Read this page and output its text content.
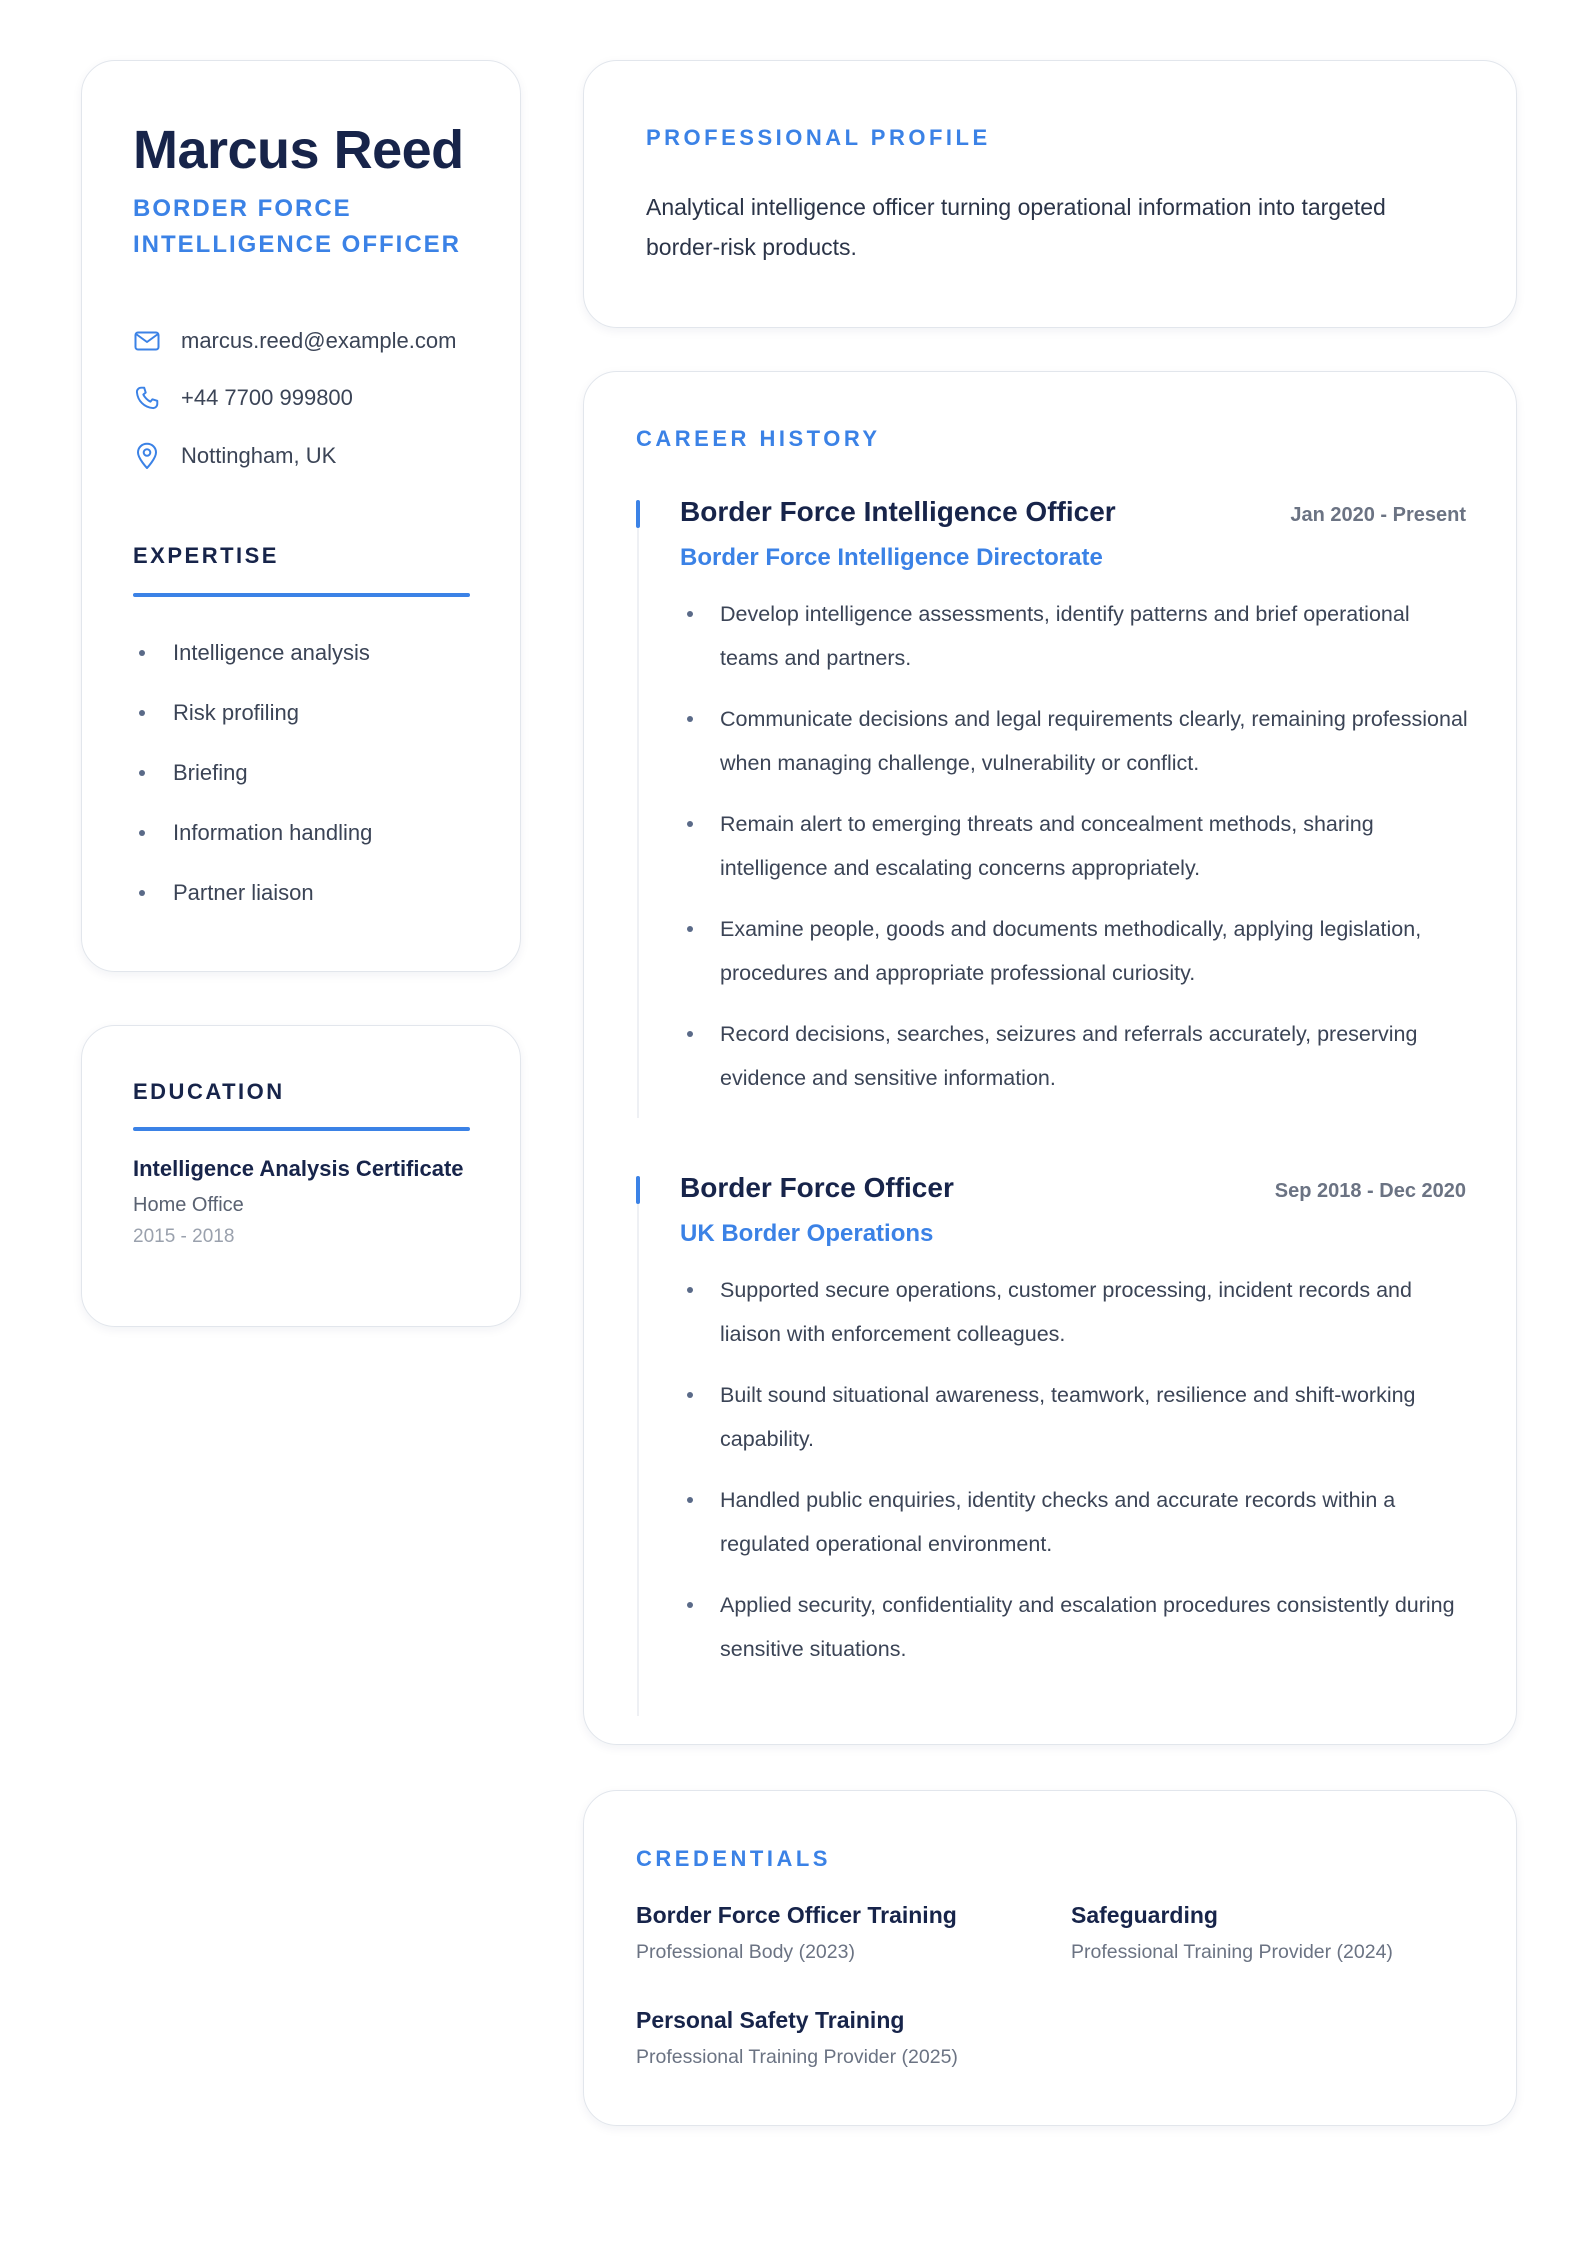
Marcus Reed
BORDER FORCE INTELLIGENCE OFFICER
marcus.reed@example.com
+44 7700 999800
Nottingham, UK
EXPERTISE
Intelligence analysis
Risk profiling
Briefing
Information handling
Partner liaison
EDUCATION
Intelligence Analysis Certificate
Home Office
2015 - 2018
PROFESSIONAL PROFILE

Analytical intelligence officer turning operational information into targeted border-risk products.

CAREER HISTORY
Border Force Intelligence Officer	Jan 2020 - Present
Border Force Intelligence Directorate
Develop intelligence assessments, identify patterns and brief operational teams and partners.
Communicate decisions and legal requirements clearly, remaining professional when managing challenge, vulnerability or conflict.
Remain alert to emerging threats and concealment methods, sharing intelligence and escalating concerns appropriately.
Examine people, goods and documents methodically, applying legislation, procedures and appropriate professional curiosity.
Record decisions, searches, seizures and referrals accurately, preserving evidence and sensitive information.
Border Force Officer	Sep 2018 - Dec 2020
UK Border Operations
Supported secure operations, customer processing, incident records and liaison with enforcement colleagues.
Built sound situational awareness, teamwork, resilience and shift-working capability.
Handled public enquiries, identity checks and accurate records within a regulated operational environment.
Applied security, confidentiality and escalation procedures consistently during sensitive situations.
CREDENTIALS
Border Force Officer Training
Professional Body (2023)
Safeguarding
Professional Training Provider (2024)
Personal Safety Training
Professional Training Provider (2025)
